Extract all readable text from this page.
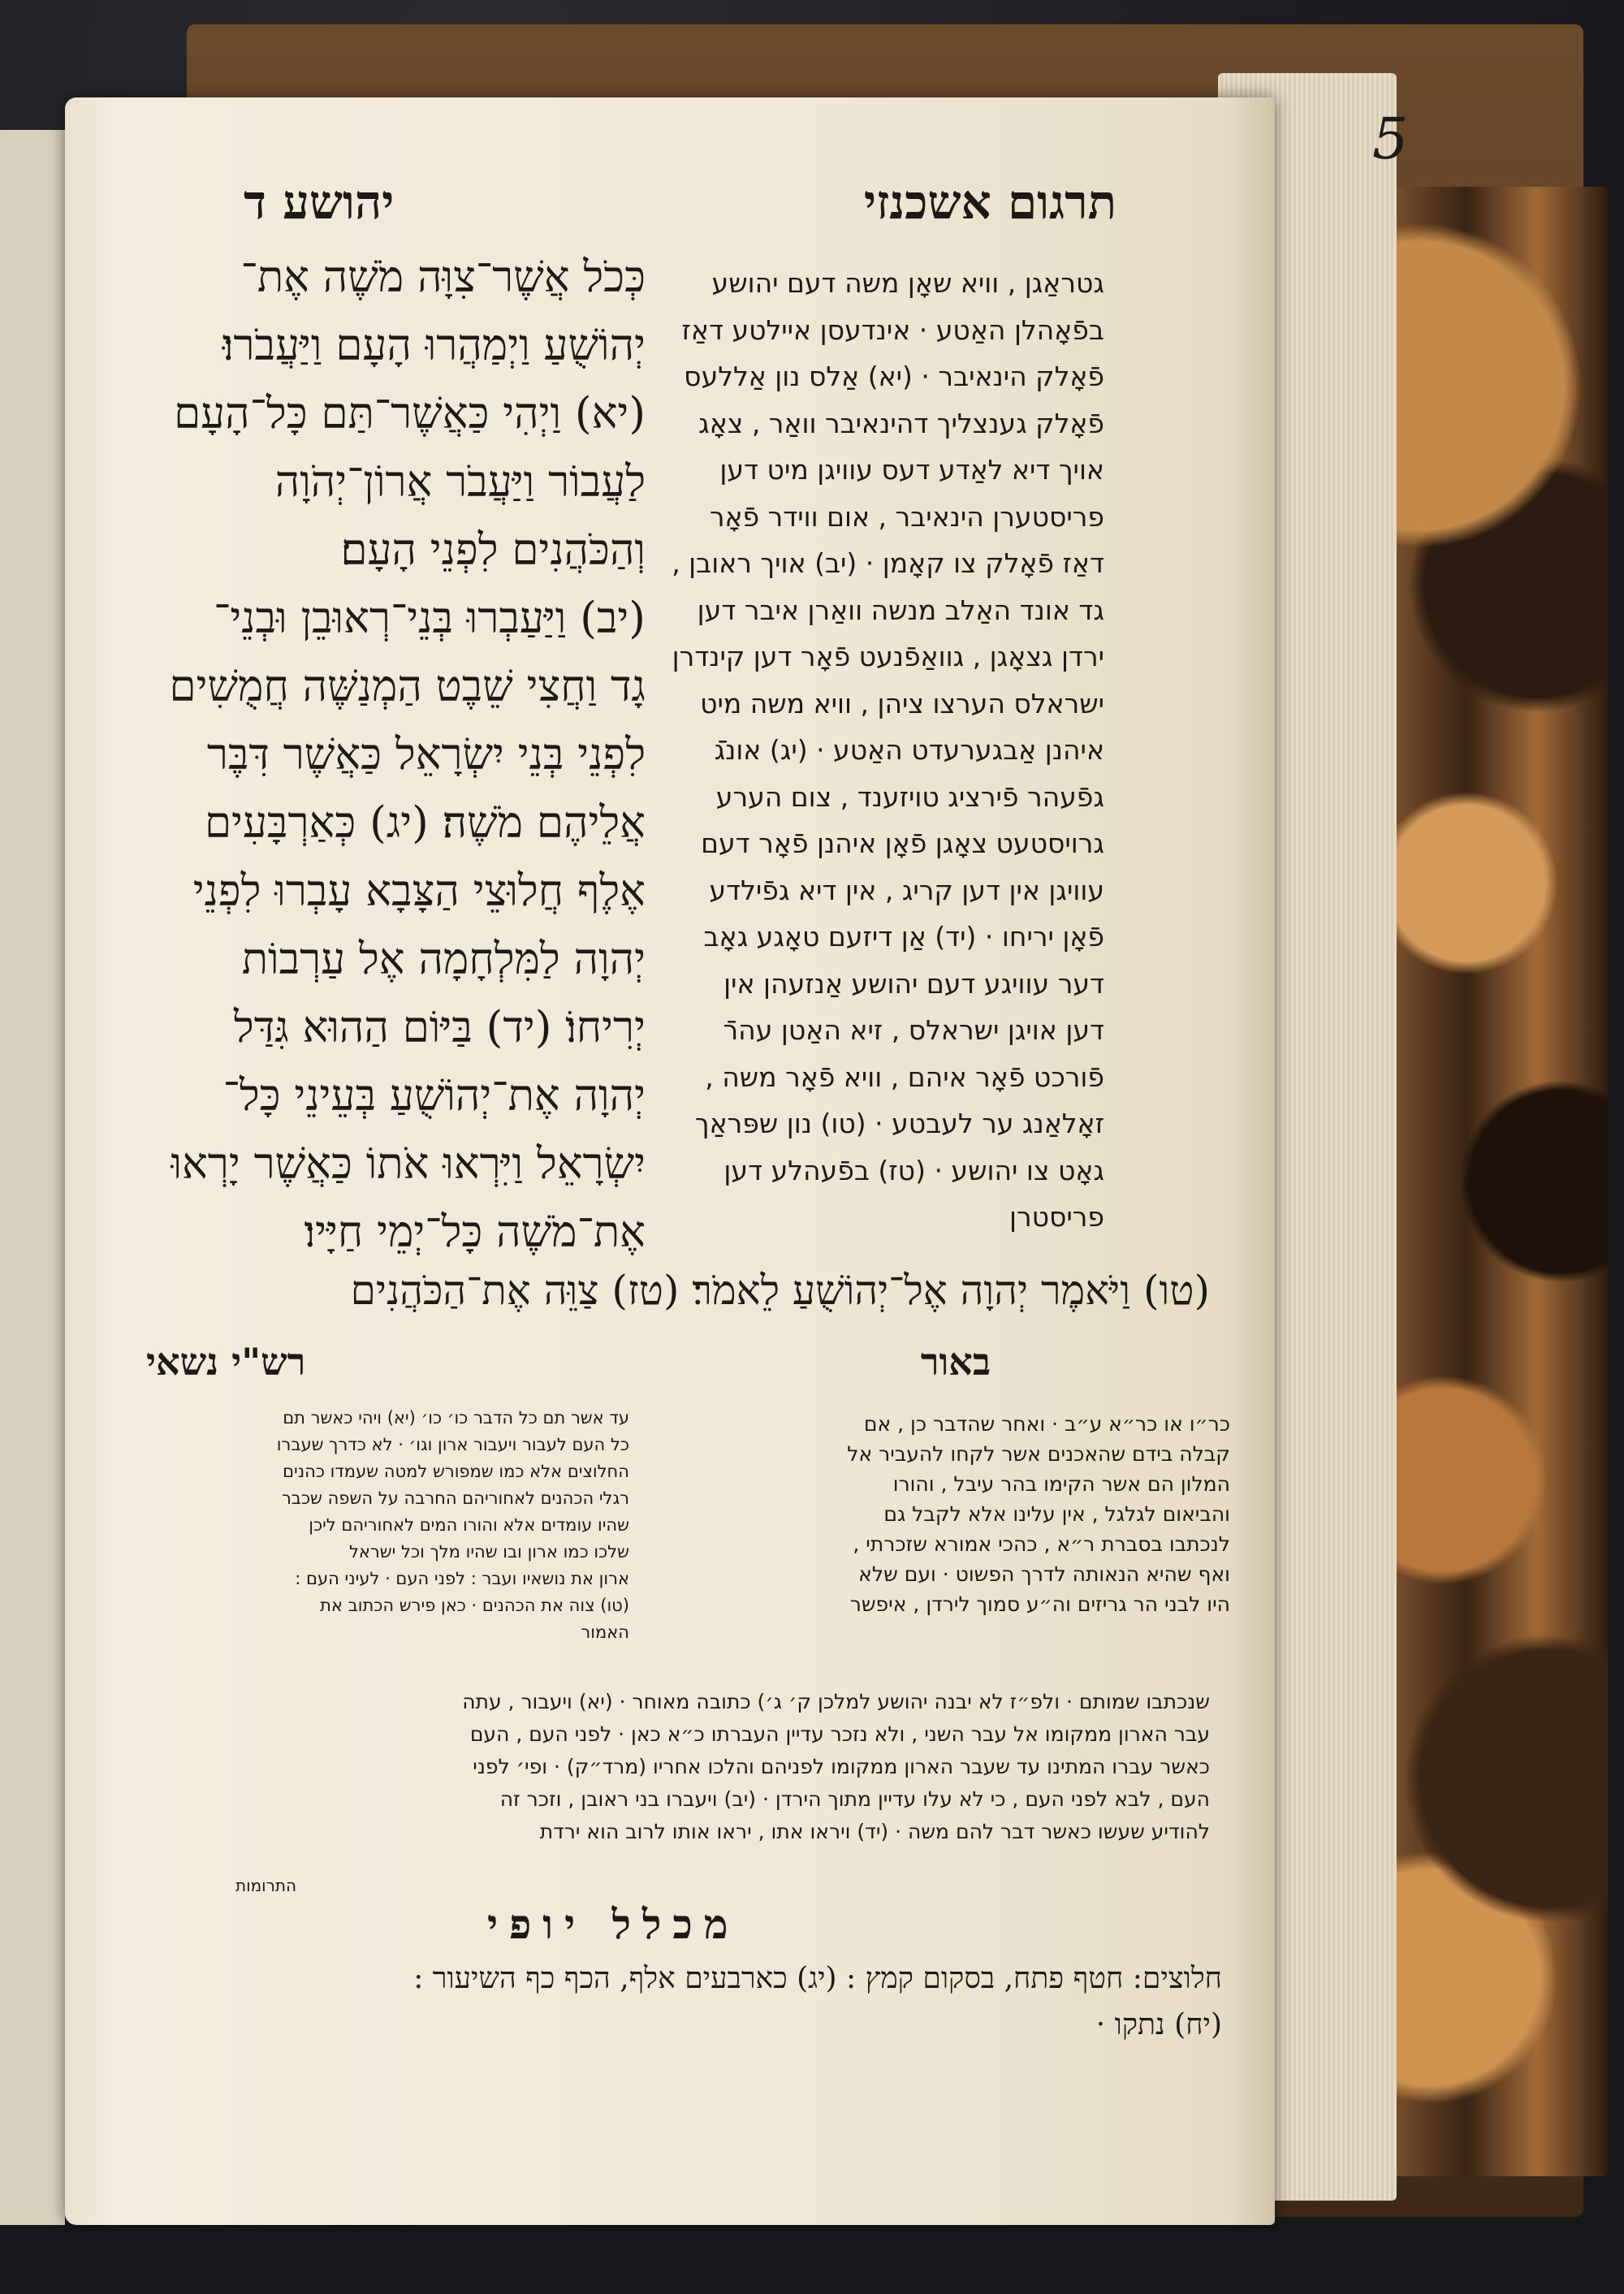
5
תרגום אשכנזי
יהושע ד
גטראַגן , וויא שאָן משה דעם יהושע
בפֿאָהלן האַטע · אינדעסן איילטע דאַז
פֿאָלק הינאיבר · (יא) אַלס נון אַללעס
פֿאָלק גענצליך דהינאיבר וואַר , צאָג
אויך דיא לאַדע דעס עוויגן מיט דען
פריסטערן הינאיבר , אום ווידר פֿאָר
דאַז פֿאָלק צו קאָמן · (יב) אויך ראובן ,
גד אונד האַלב מנשה וואַרן איבר דען
ירדן גצאָגן , גוואַפֿנעט פֿאָר דען קינדרן
ישראלס הערצו ציהן , וויא משה מיט
איהנן אַבגערעדט האַטע · (יג) אונגֿ
גפֿעהר פֿירציג טויזענד , צום הערע
גרויסטעט צאָגן פֿאָן איהנן פֿאָר דעם
עוויגן אין דען קריג , אין דיא גפֿילדע
פֿאָן יריחו · (יד) אַן דיזעם טאָגע גאָב
דער עוויגע דעם יהושע אַנזעהן אין
דען אויגן ישראלס , זיא האַטן עהרֿ
פֿורכט פֿאָר איהם , וויא פֿאָר משה ,
זאָלאַנג ער לעבטע · (טו) נון שפּראַך
גאָט צו יהושע · (טז) בפֿעהלע דען
פריסטרן
כְּכֹל אֲשֶׁר־צִוָּה מֹשֶׁה אֶת־
יְהוֹשֻׁעַ וַיְמַהֲרוּ הָעָם וַיַּעֲבֹרוּ׃
(יא) וַיְהִי כַּאֲשֶׁר־תַּם כָּל־הָעָם
לַעֲבוֹר וַיַּעֲבֹר אֲרוֹן־יְהֹוָה
וְהַכֹּהֲנִים לִפְנֵי הָעָם׃
(יב) וַיַּעַבְרוּ בְּנֵי־רְאוּבֵן וּבְנֵי־
גָד וַחֲצִי שֵׁבֶט הַמְנַשֶּׁה חֲמֻשִׁים
לִפְנֵי בְּנֵי יִשְׂרָאֵל כַּאֲשֶׁר דִּבֶּר
אֲלֵיהֶם מֹשֶׁה׃ (יג) כְּאַרְבָּעִים
אֶלֶף חֲלוּצֵי הַצָּבָא עָבְרוּ לִפְנֵי
יְהוָה לַמִּלְחָמָה אֶל עַרְבוֹת
יְרִיחוֹ׃ (יד) בַּיּוֹם הַהוּא גִּדַּל
יְהוָה אֶת־יְהוֹשֻׁעַ בְּעֵינֵי כָּל־
יִשְׂרָאֵל וַיִּרְאוּ אֹתוֹ כַּאֲשֶׁר יָרְאוּ
אֶת־מֹשֶׁה כָּל־יְמֵי חַיָּיו׃
(טו) וַיֹּאמֶר יְהוָה אֶל־יְהוֹשֻׁעַ לֵאמֹר׃ (טז) צַוֵּה אֶת־הַכֹּהֲנִים
באור
רש"י נשאי
עד אשר תם כל הדבר כו׳ כו׳ (יא) ויהי כאשר תם
כל העם לעבור ויעבור ארון וגו׳ · לא כדרך שעברו
החלוצים אלא כמו שמפורש למטה שעמדו כהנים
רגלי הכהנים לאחוריהם החרבה על השפה שכבר
שהיו עומדים אלא והורו המים לאחוריהם ליכן
שלכו כמו ארון ובו שהיו מלך וכל ישראל
ארון את נושאיו ועבר : לפני העם · לעיני העם :
(טו) צוה את הכהנים · כאן פירש הכתוב את
האמור
כר״ו או כר״א ע״ב · ואחר שהדבר כן , אם
קבלה בידם שהאכנים אשר לקחו להעביר אל
המלון הם אשר הקימו בהר עיבל , והורו
והביאום לגלגל , אין עלינו אלא לקבל גם
לנכתבו בסברת ר״א , כהכי אמורא שזכרתי ,
ואף שהיא הנאותה לדרך הפשוט · ועם שלא
היו לבני הר גריזים וה״ע סמוך לירדן , איפשר
שנכתבו שמותם · ולפ״ז לא יבנה יהושע למלכן ק׳ ג׳) כתובה מאוחר · (יא) ויעבור , עתה
עבר הארון ממקומו אל עבר השני , ולא נזכר עדיין העברתו כ״א כאן · לפני העם , העם
כאשר עברו המתינו עד שעבר הארון ממקומו לפניהם והלכו אחריו (מרד״ק) · ופי׳ לפני
העם , לבא לפני העם , כי לא עלו עדיין מתוך הירדן · (יב) ויעברו בני ראובן , וזכר זה
להודיע שעשו כאשר דבר להם משה · (יד) ויראו אתו , יראו אותו לרוב הוא ירדת
התרומות
מכלל יופי
חלוצים: חטף פתח, בסקום קמץ : (יג) כארבעים אלף, הכף כף השיעור :
(יח) נתקו ·
